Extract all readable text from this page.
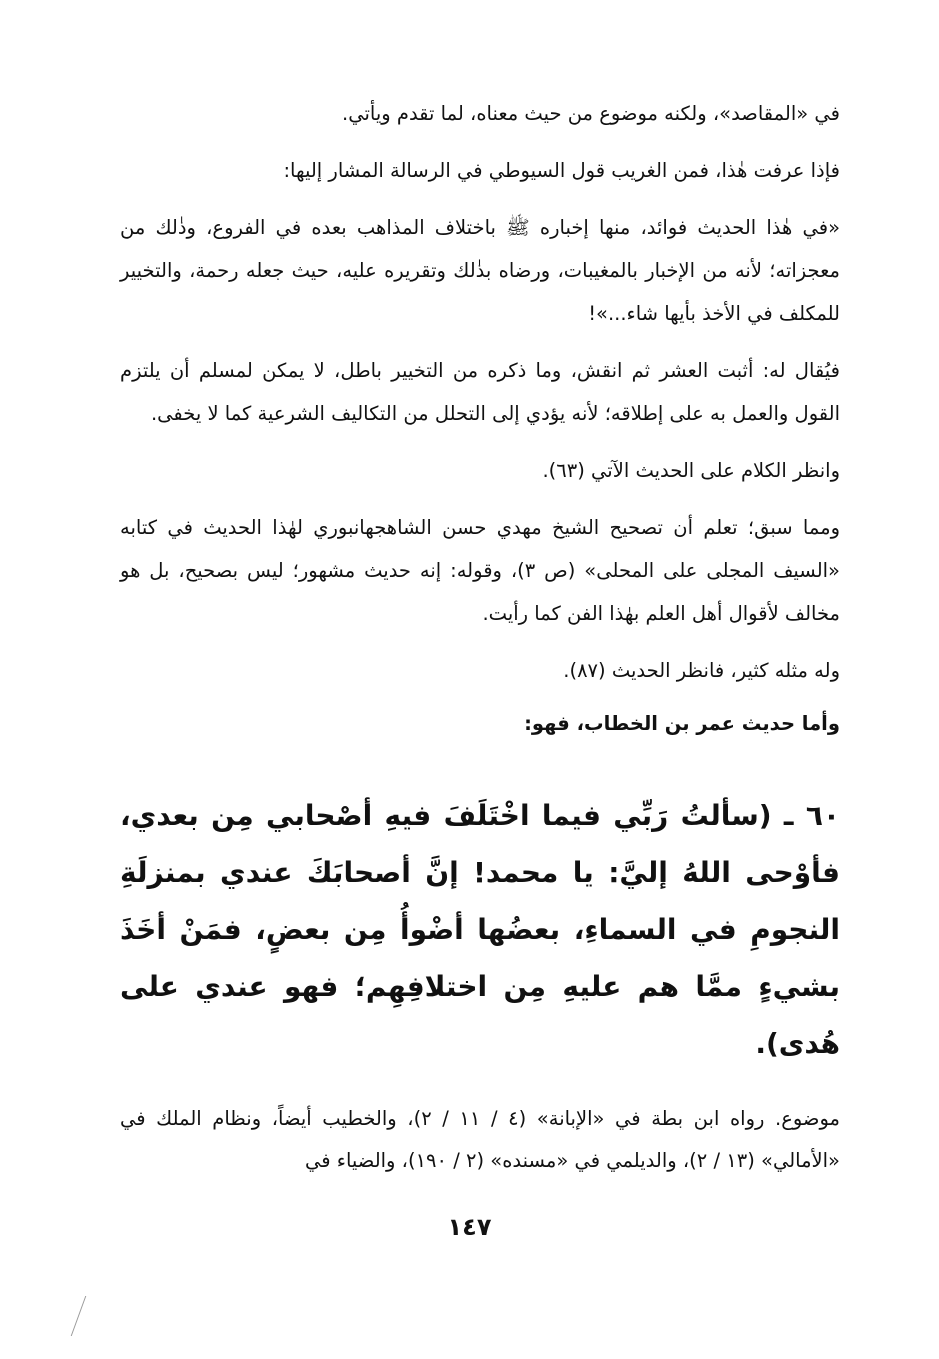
في «المقاصد»، ولكنه موضوع من حيث معناه، لما تقدم ويأتي.

فإذا عرفت هٰذا، فمن الغريب قول السيوطي في الرسالة المشار إليها:

«في هٰذا الحديث فوائد، منها إخباره ﷺ باختلاف المذاهب بعده في الفروع، وذٰلك من معجزاته؛ لأنه من الإخبار بالمغيبات، ورضاه بذٰلك وتقريره عليه، حيث جعله رحمة، والتخيير للمكلف في الأخذ بأيها شاء...»!

فيُقال له: أثبت العشر ثم انقش، وما ذكره من التخيير باطل، لا يمكن لمسلم أن يلتزم القول والعمل به على إطلاقه؛ لأنه يؤدي إلى التحلل من التكاليف الشرعية كما لا يخفى.

وانظر الكلام على الحديث الآتي (٦٣).

ومما سبق؛ تعلم أن تصحيح الشيخ مهدي حسن الشاهجهانبوري لهٰذا الحديث في كتابه «السيف المجلى على المحلى» (ص ٣)، وقوله: إنه حديث مشهور؛ ليس بصحيح، بل هو مخالف لأقوال أهل العلم بهٰذا الفن كما رأيت.

وله مثله كثير، فانظر الحديث (٨٧).

وأما حديث عمر بن الخطاب، فهو:

٦٠ ـ (سألتُ رَبِّي فيما اخْتَلَفَ فيهِ أصْحابي مِن بعدي، فأوْحى اللهُ إليَّ: يا محمد! إنَّ أصحابَكَ عندي بمنزلَةِ النجومِ في السماءِ، بعضُها أضْوأُ مِن بعضٍ، فمَنْ أخَذَ بشيءٍ ممَّا هم عليهِ مِن اختلافِهِم؛ فهو عندي على هُدى).

موضوع. رواه ابن بطة في «الإبانة» (٤ / ١١ / ٢)، والخطيب أيضاً، ونظام الملك في «الأمالي» (١٣ / ٢)، والديلمي في «مسنده» (٢ / ١٩٠)، والضياء في

١٤٧
